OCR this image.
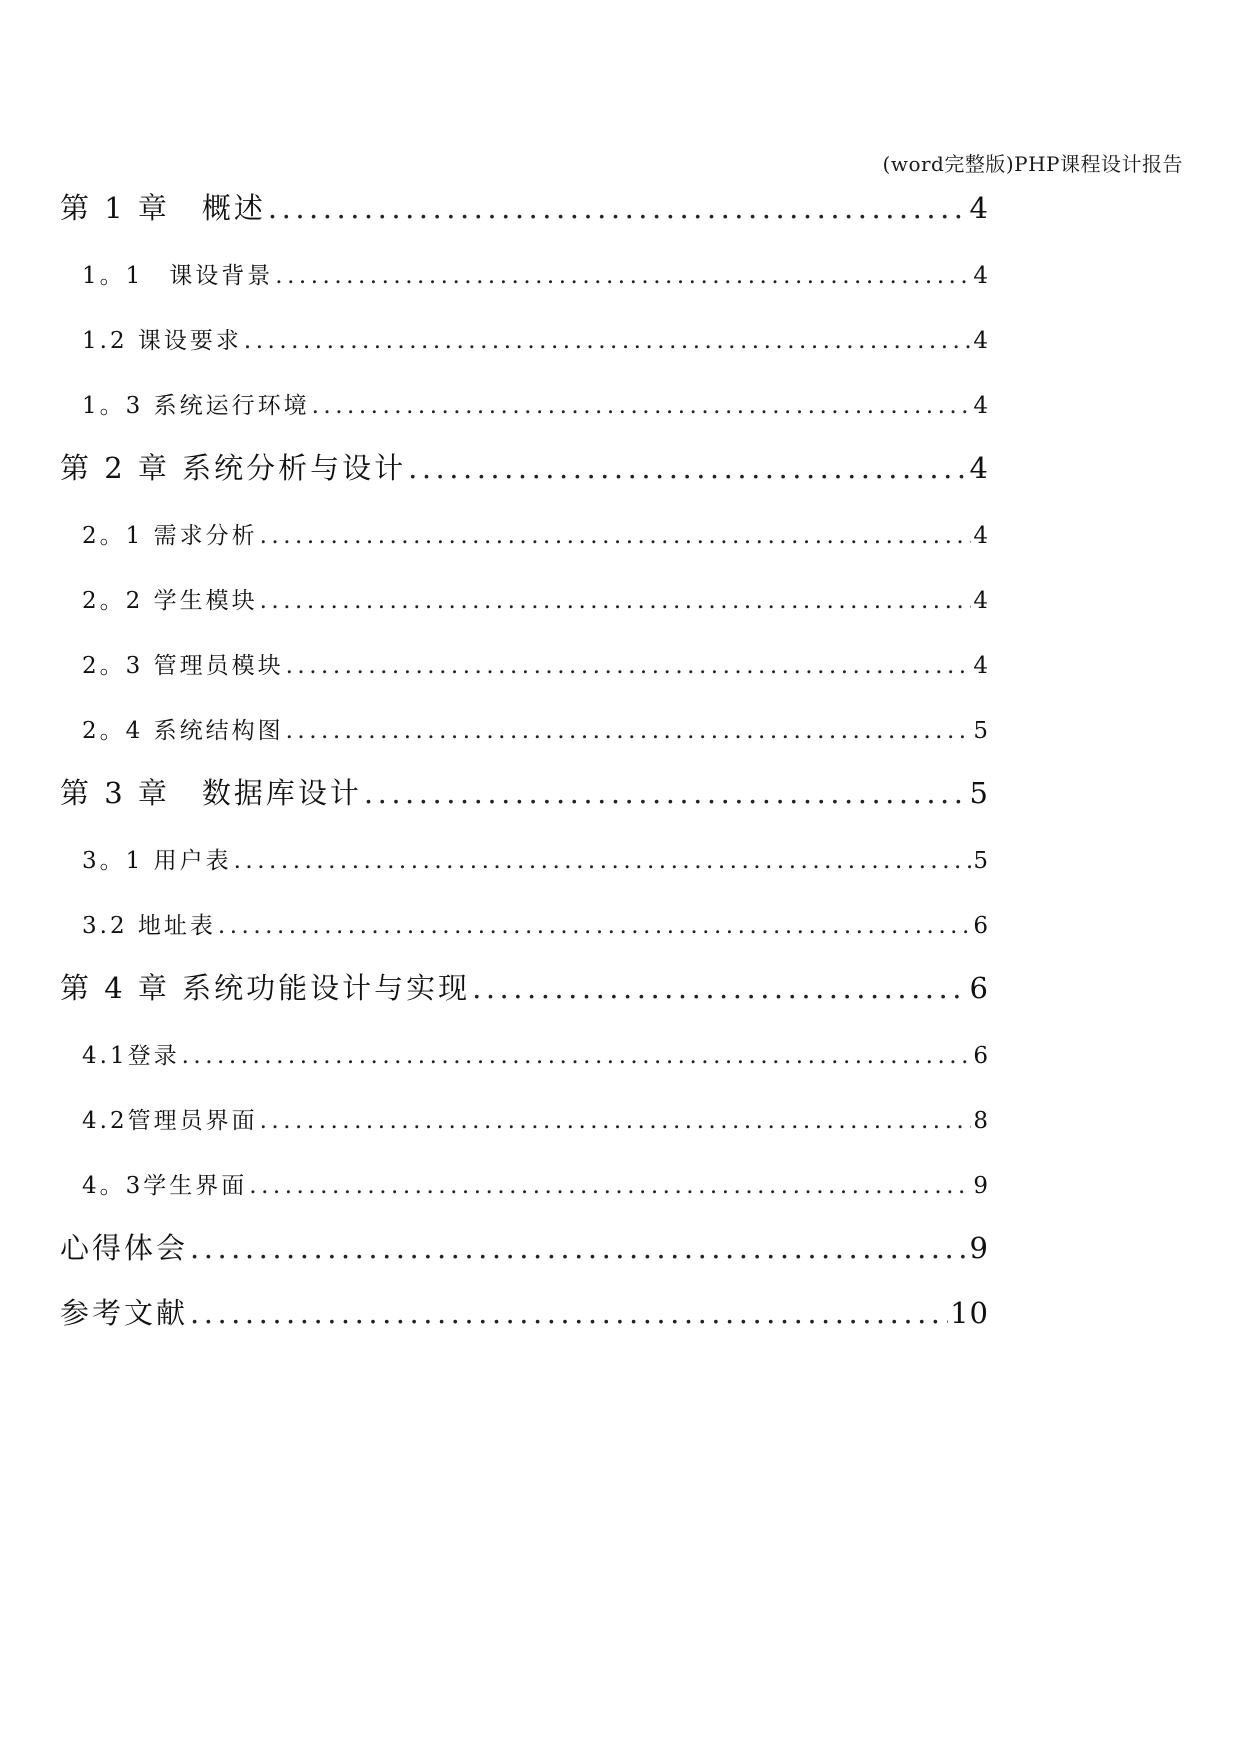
(word完整版)PHP课程设计报告
第 1 章　概述 .....	4
1。1　课设背景 .....	4
1.2 课设要求 .....	4
1。3 系统运行环境 .....	4
第 2 章 系统分析与设计 .....	4
2。1 需求分析 .....	4
2。2 学生模块 .....	4
2。3 管理员模块 .....	4
2。4 系统结构图 .....	5
第 3 章　数据库设计 .....	5
3。1 用户表 .....	5
3.2 地址表 .....	6
第 4 章 系统功能设计与实现 .....	6
4.1登录 .....	6
4.2管理员界面 .....	8
4。3学生界面 .....	9
心得体会 .....	9
参考文献 .....	10
